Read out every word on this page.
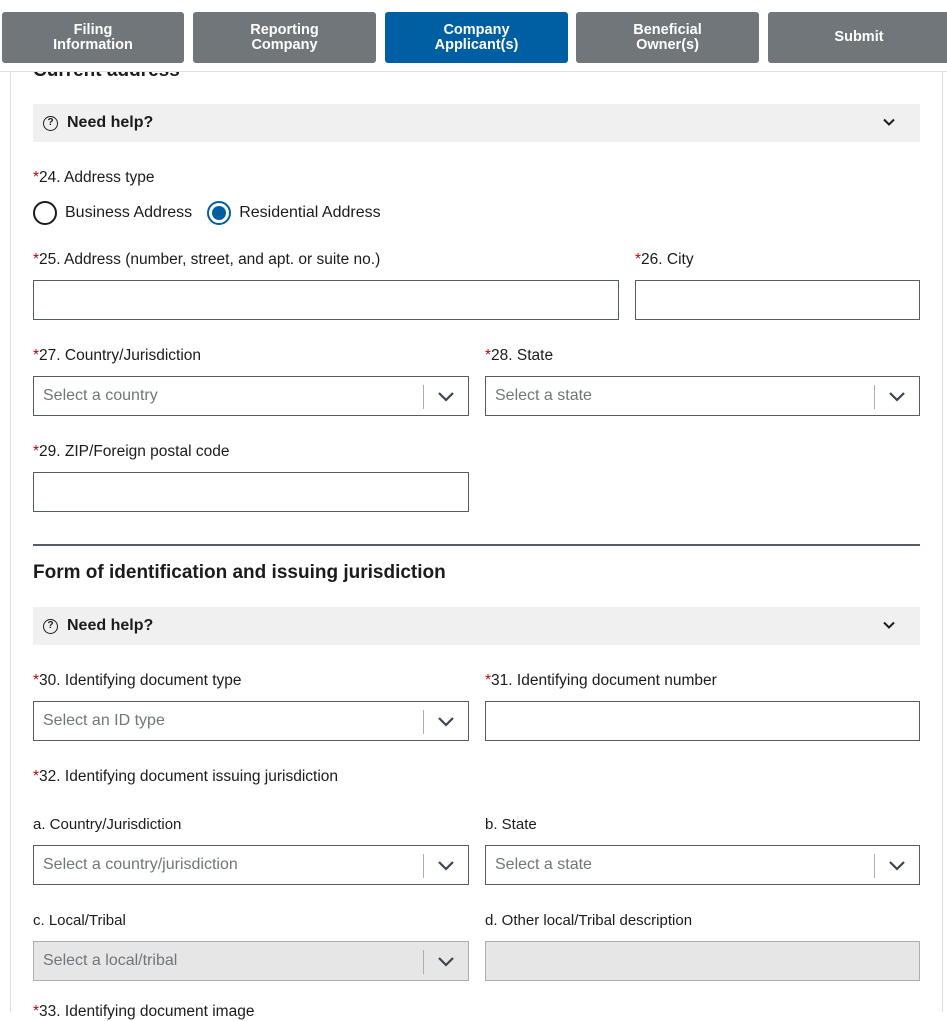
Filing Information
Reporting Company
Company Applicant(s)
Beneficial Owner(s)	Submit
? Need help?
*24. Address type
Business Address	Residential Address
*25. Address (number, street, and apt. or suite no.)	*26. City
*27. Country/Jurisdiction
Select a country
*28. State
Select a state
*29. ZIP/Foreign postal code
Form of identification and issuing jurisdiction
? Need help?
*30. Identifying document type
Select an ID type
*31. Identifying document number
*32. Identifying document issuing jurisdiction
a. Country/Jurisdiction
Select a country/jurisdiction
b. State
Select a state
c. Local/Tribal
Select a local/tribal
d. Other local/Tribal description
*33. Identifying document image
